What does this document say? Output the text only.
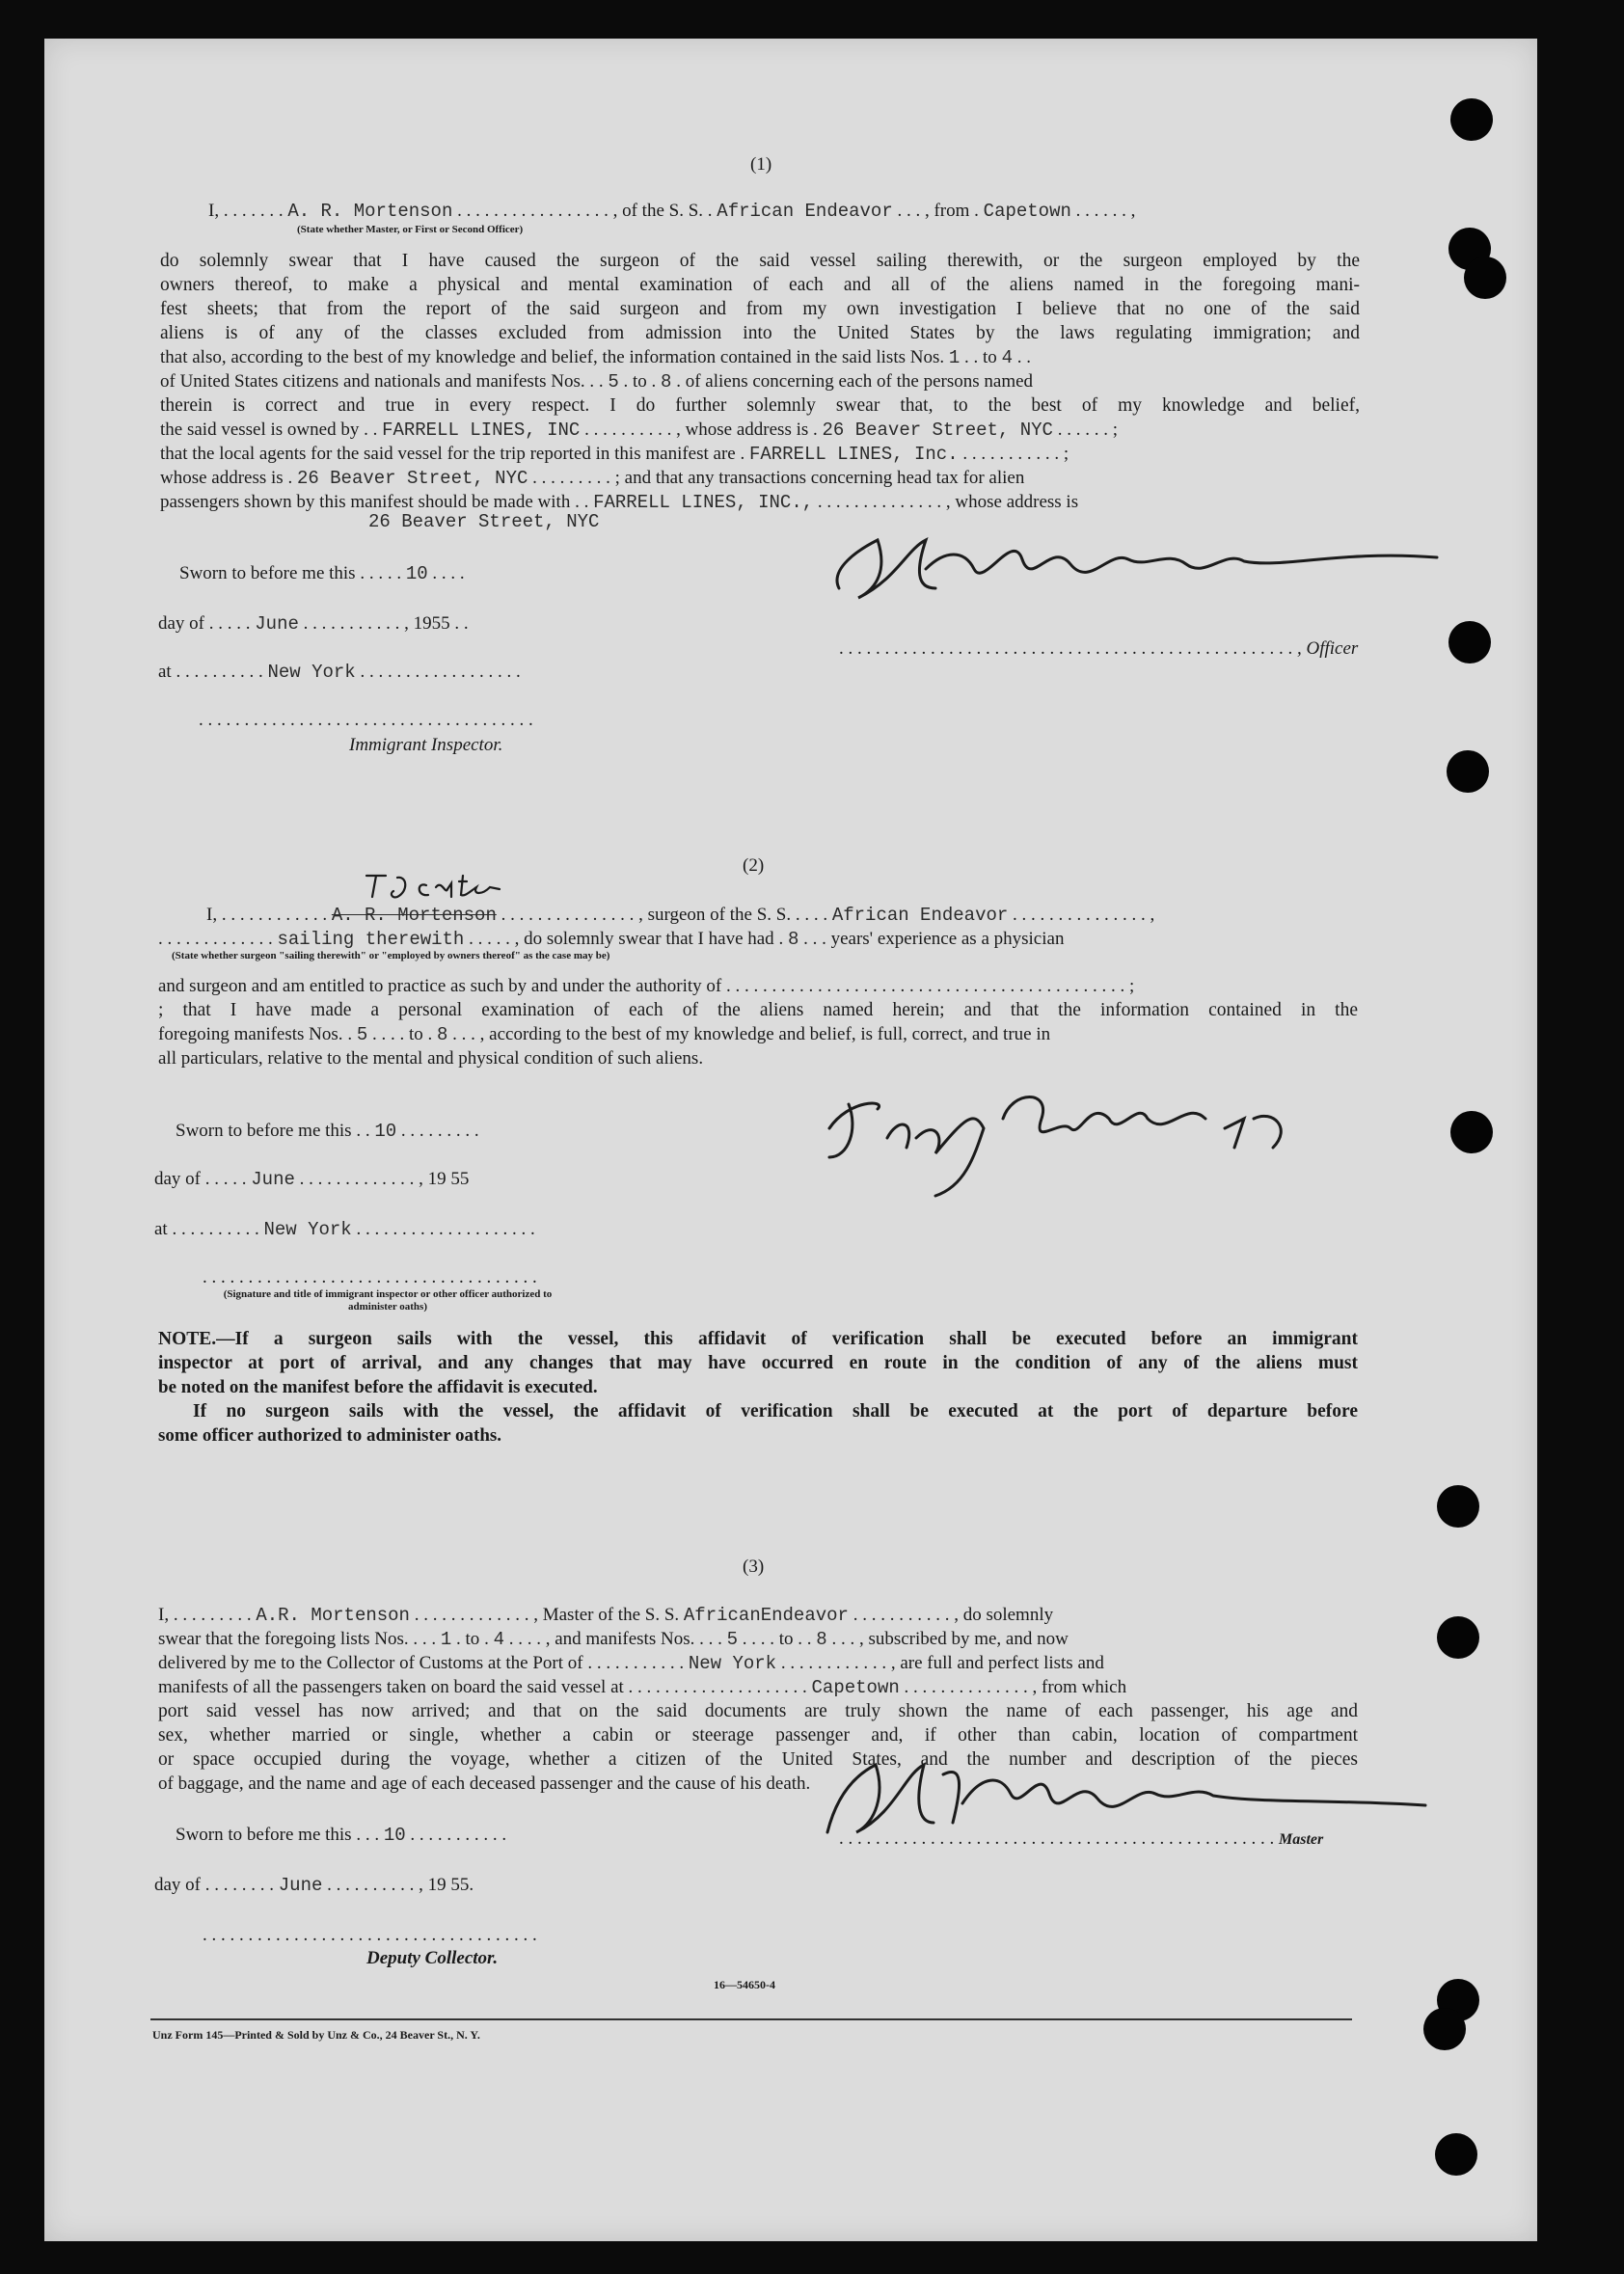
(1)
I, . . . . . . . A. R. Mortenson . . . . . . . . . . . . . . . . . , of the S. S. . African Endeavor . . . , from . Capetown . . . . . . ,
(State whether Master, or First or Second Officer)
do solemnly swear that I have caused the surgeon of the said vessel sailing therewith, or the surgeon employed by the
owners thereof, to make a physical and mental examination of each and all of the aliens named in the foregoing mani-
fest sheets; that from the report of the said surgeon and from my own investigation I believe that no one of the said
aliens is of any of the classes excluded from admission into the United States by the laws regulating immigration; and
that also, according to the best of my knowledge and belief, the information contained in the said lists Nos. 1 . . to 4 . .
of United States citizens and nationals and manifests Nos. . . 5 . to . 8 . of aliens concerning each of the persons named
therein is correct and true in every respect. I do further solemnly swear that, to the best of my knowledge and belief,
the said vessel is owned by . . FARRELL LINES, INC . . . . . . . . . . , whose address is . 26 Beaver Street, NYC . . . . . . ;
that the local agents for the said vessel for the trip reported in this manifest are . FARRELL LINES, Inc. . . . . . . . . . . . ;
whose address is . 26 Beaver Street, NYC . . . . . . . . . ; and that any transactions concerning head tax for alien
passengers shown by this manifest should be made with . . FARRELL LINES, INC., . . . . . . . . . . . . . . , whose address is
26 Beaver Street, NYC
Sworn to before me this . . . . . 10 . . . .
day of . . . . . June . . . . . . . . . . . , 1955 . .
at . . . . . . . . . . New York . . . . . . . . . . . . . . . . . .
. . . . . . . . . . . . . . . . . . . . . . . . . . . . . . . . . . . . .
Immigrant Inspector.
. . . . . . . . . . . . . . . . . . . . . . . . . . . . . . . . . . . . . . . . . . . . . . . . . . , Officer
(2)
I, . . . . . . . . . . . . A. R. Mortenson . . . . . . . . . . . . . . . , surgeon of the S. S. . . . . African Endeavor . . . . . . . . . . . . . . . ,
. . . . . . . . . . . . . sailing therewith . . . . . , do solemnly swear that I have had . 8 . . . years' experience as a physician
(State whether surgeon "sailing therewith" or "employed by owners thereof" as the case may be)
and surgeon and am entitled to practice as such by and under the authority of . . . . . . . . . . . . . . . . . . . . . . . . . . . . . . . . . . . . . . . . . . . . ;
; that I have made a personal examination of each of the aliens named herein; and that the information contained in the
foregoing manifests Nos. . 5 . . . . to . 8 . . . , according to the best of my knowledge and belief, is full, correct, and true in
all particulars, relative to the mental and physical condition of such aliens.
Sworn to before me this . . 10 . . . . . . . . .
day of . . . . . June . . . . . . . . . . . . . , 19 55
at . . . . . . . . . . New York . . . . . . . . . . . . . . . . . . . .
. . . . . . . . . . . . . . . . . . . . . . . . . . . . . . . . . . . . .
(Signature and title of immigrant inspector or other officer authorized to administer oaths)
NOTE.—If a surgeon sails with the vessel, this affidavit of verification shall be executed before an immigrant
inspector at port of arrival, and any changes that may have occurred en route in the condition of any of the aliens must
be noted on the manifest before the affidavit is executed.
If no surgeon sails with the vessel, the affidavit of verification shall be executed at the port of departure before
some officer authorized to administer oaths.
(3)
I, . . . . . . . . . A.R. Mortenson . . . . . . . . . . . . . , Master of the S. S. AfricanEndeavor . . . . . . . . . . . , do solemnly
swear that the foregoing lists Nos. . . . 1 . to . 4 . . . . , and manifests Nos. . . . 5 . . . . to . . 8 . . . , subscribed by me, and now
delivered by me to the Collector of Customs at the Port of . . . . . . . . . . . New York . . . . . . . . . . . . , are full and perfect lists and
manifests of all the passengers taken on board the said vessel at . . . . . . . . . . . . . . . . . . . . Capetown . . . . . . . . . . . . . . , from which
port said vessel has now arrived; and that on the said documents are truly shown the name of each passenger, his age and
sex, whether married or single, whether a cabin or steerage passenger and, if other than cabin, location of compartment
or space occupied during the voyage, whether a citizen of the United States, and the number and description of the pieces
of baggage, and the name and age of each deceased passenger and the cause of his death.
Sworn to before me this . . . 10 . . . . . . . . . . .
day of . . . . . . . . June . . . . . . . . . . , 19 55.
. . . . . . . . . . . . . . . . . . . . . . . . . . . . . . . . . . . . .
Deputy Collector.
. . . . . . . . . . . . . . . . . . . . . . . . . . . . . . . . . . . . . . . . . . . . . . . . Master
16—54650-4
Unz Form 145—Printed & Sold by Unz & Co., 24 Beaver St., N. Y.
